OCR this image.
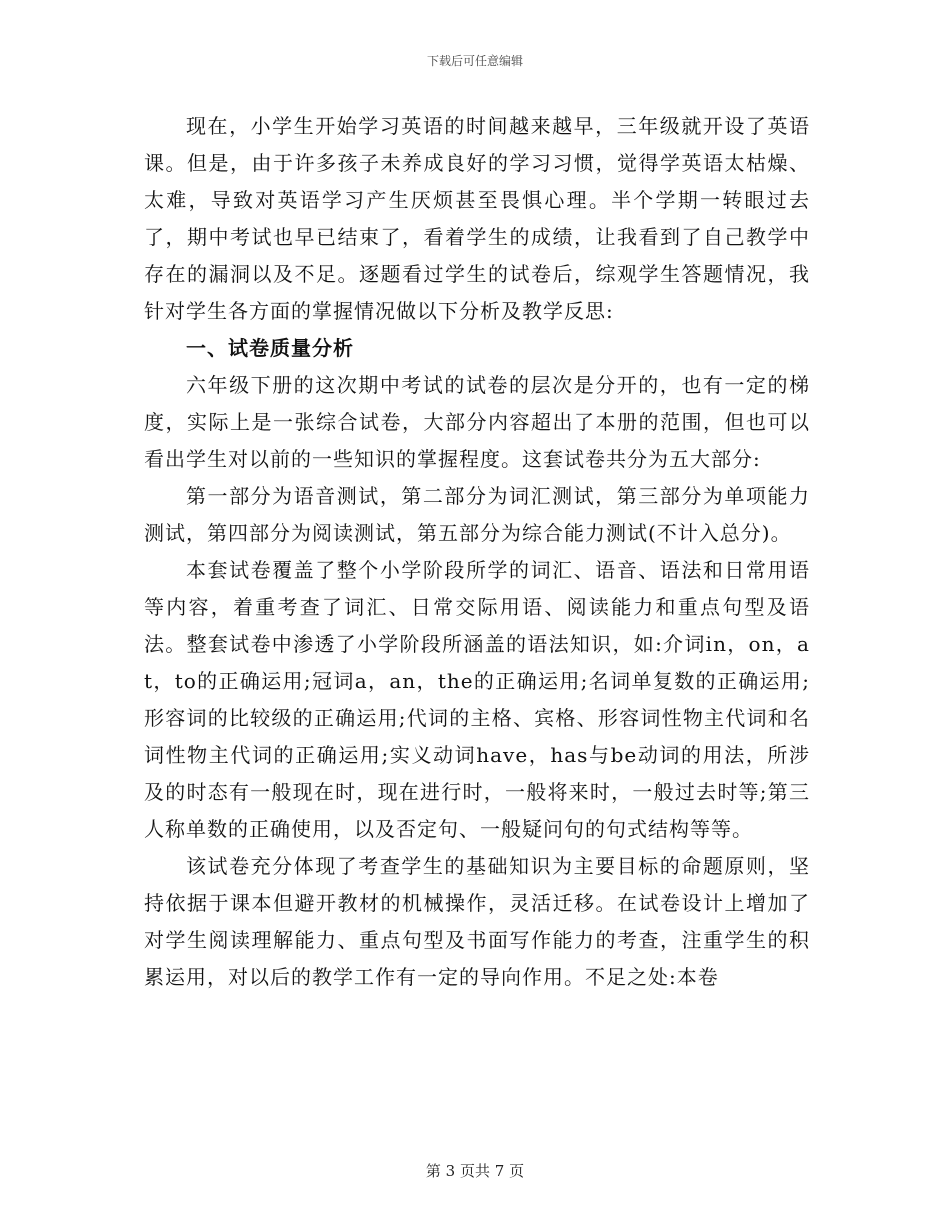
下载后可任意编辑

现在，小学生开始学习英语的时间越来越早，三年级就开设了英语课。但是，由于许多孩子未养成良好的学习习惯，觉得学英语太枯燥、太难，导致对英语学习产生厌烦甚至畏惧心理。半个学期一转眼过去了，期中考试也早已结束了，看着学生的成绩，让我看到了自己教学中存在的漏洞以及不足。逐题看过学生的试卷后，综观学生答题情况，我针对学生各方面的掌握情况做以下分析及教学反思:

一、试卷质量分析

六年级下册的这次期中考试的试卷的层次是分开的，也有一定的梯度，实际上是一张综合试卷，大部分内容超出了本册的范围，但也可以看出学生对以前的一些知识的掌握程度。这套试卷共分为五大部分:

第一部分为语音测试，第二部分为词汇测试，第三部分为单项能力测试，第四部分为阅读测试，第五部分为综合能力测试(不计入总分)。

本套试卷覆盖了整个小学阶段所学的词汇、语音、语法和日常用语等内容，着重考查了词汇、日常交际用语、阅读能力和重点句型及语法。整套试卷中渗透了小学阶段所涵盖的语法知识，如:介词in，on，at，to的正确运用;冠词a，an，the的正确运用;名词单复数的正确运用;形容词的比较级的正确运用;代词的主格、宾格、形容词性物主代词和名词性物主代词的正确运用;实义动词have，has与be动词的用法，所涉及的时态有一般现在时，现在进行时，一般将来时，一般过去时等;第三人称单数的正确使用，以及否定句、一般疑问句的句式结构等等。

该试卷充分体现了考查学生的基础知识为主要目标的命题原则，坚持依据于课本但避开教材的机械操作，灵活迁移。在试卷设计上增加了对学生阅读理解能力、重点句型及书面写作能力的考查，注重学生的积累运用，对以后的教学工作有一定的导向作用。不足之处:本卷

第 3 页共 7 页
